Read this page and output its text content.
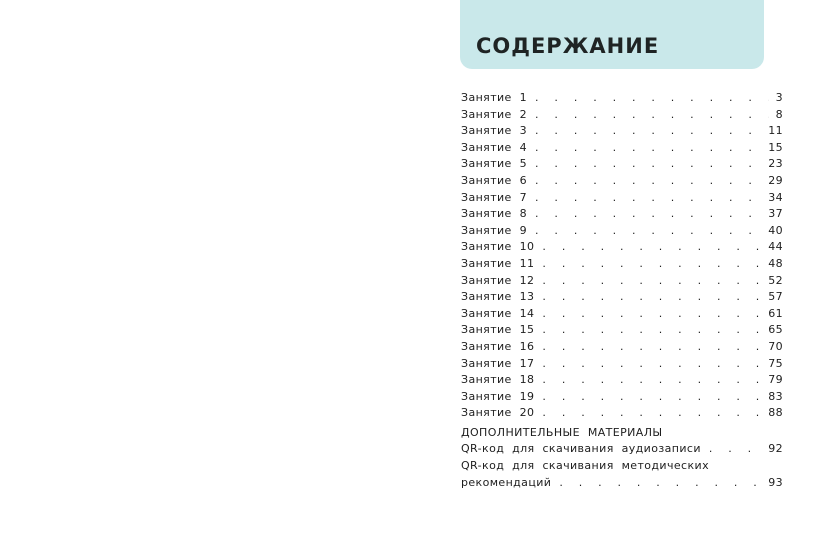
СОДЕРЖАНИЕ
Занятие 1 . . .	3
Занятие 2 . . .	8
Занятие 3 . . .	11
Занятие 4 . . .	15
Занятие 5 . . .	23
Занятие 6 . . .	29
Занятие 7 . . .	34
Занятие 8 . . .	37
Занятие 9 . . .	40
Занятие 10 . . .	44
Занятие 11 . . .	48
Занятие 12 . . .	52
Занятие 13 . . .	57
Занятие 14 . . .	61
Занятие 15 . . .	65
Занятие 16 . . .	70
Занятие 17 . . .	75
Занятие 18 . . .	79
Занятие 19 . . .	83
Занятие 20 . . .	88
ДОПОЛНИТЕЛЬНЫЕ МАТЕРИАЛЫ
QR-код для скачивания аудиозаписи . . .	92
QR-код для скачивания методических
рекомендаций . . .	93
